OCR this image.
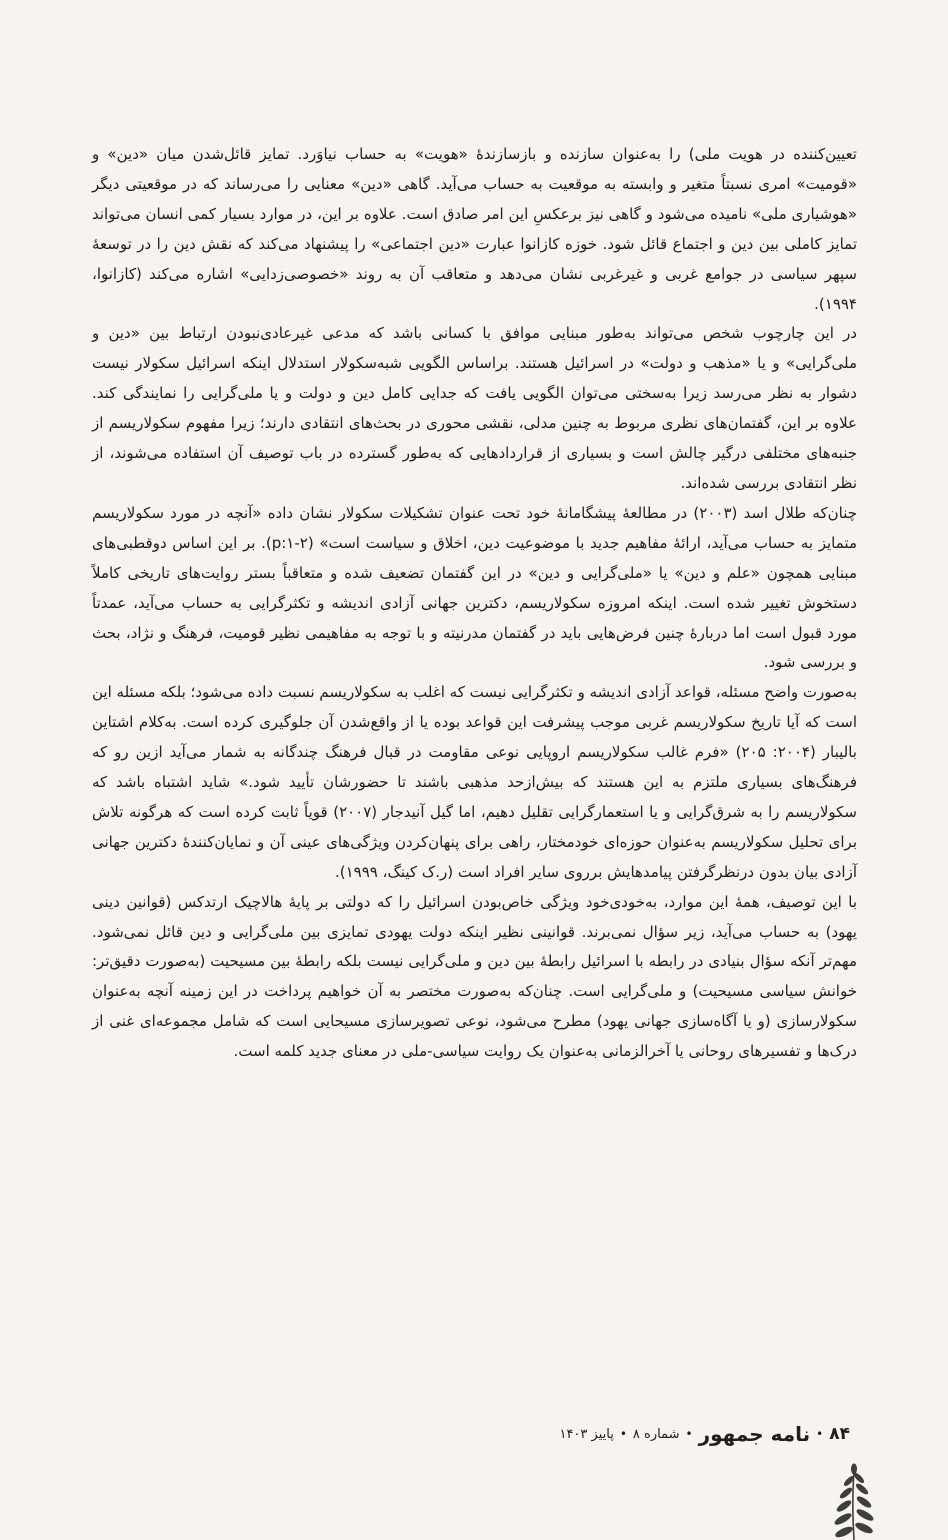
تعیین‌کننده در هویت ملی) را به‌عنوان سازنده و بازسازندهٔ «هویت» به حساب نیاوَرد. تمایز قائل‌شدن میان «دین» و «قومیت» امری نسبتاً متغیر و وابسته به موقعیت به حساب می‌آید. گاهی «دین» معنایی را می‌رساند که در موقعیتی دیگر «هوشیاری ملی» نامیده می‌شود و گاهی نیز برعکسِ این امر صادق است. علاوه بر این، در موارد بسیار کمی انسان می‌تواند تمایز کاملی بین دین و اجتماع قائل شود. خوزه کازانوا عبارت «دین اجتماعی» را پیشنهاد می‌کند که نقش دین را در توسعهٔ سپهر سیاسی در جوامع غربی و غیرغربی نشان می‌دهد و متعاقب آن به روند «خصوصی‌زدایی» اشاره می‌کند (کازانوا، ۱۹۹۴).

در این چارچوب شخص می‌تواند به‌طور مبنایی موافق با کسانی باشد که مدعی غیرعادی‌نبودن ارتباط بین «دین و ملی‌گرایی» و یا «مذهب و دولت» در اسرائیل هستند. براساس الگویی شبه‌سکولار استدلال اینکه اسرائیل سکولار نیست دشوار به نظر می‌رسد زیرا به‌سختی می‌توان الگویی یافت که جدایی کامل دین و دولت و یا ملی‌گرایی را نمایندگی کند. علاوه بر این، گفتمان‌های نظری مربوط به چنین مدلی، نقشی محوری در بحث‌های انتقادی دارند؛ زیرا مفهوم سکولاریسم از جنبه‌های مختلفی درگیر چالش است و بسیاری از قراردادهایی که به‌طور گسترده در باب توصیف آن استفاده می‌شوند، از نظر انتقادی بررسی شده‌اند.

چنان‌که طلال اسد (۲۰۰۳) در مطالعهٔ پیشگامانهٔ خود تحت عنوان تشکیلات سکولار نشان داده «آنچه در مورد سکولاریسم متمایز به حساب می‌آید، ارائهٔ مفاهیم جدید با موضوعیت دین، اخلاق و سیاست است» (p:۱-۲). بر این اساس دوقطبی‌های مبنایی همچون «علم و دین» یا «ملی‌گرایی و دین» در این گفتمان تضعیف شده و متعاقباً بستر روایت‌های تاریخی کاملاً دستخوش تغییر شده است. اینکه امروزه سکولاریسم، دکترین جهانی آزادی اندیشه و تکثرگرایی به حساب می‌آید، عمدتاً مورد قبول است اما دربارهٔ چنین فرض‌هایی باید در گفتمان مدرنیته و با توجه به مفاهیمی نظیر قومیت، فرهنگ و نژاد، بحث و بررسی شود.

به‌صورت واضح مسئله، قواعد آزادی اندیشه و تکثرگرایی نیست که اغلب به سکولاریسم نسبت داده می‌شود؛ بلکه مسئله این است که آیا تاریخ سکولاریسم غربی موجب پیشرفت این قواعد بوده یا از واقع‌شدن آن جلوگیری کرده است. به‌کلام اشتاین بالیبار (۲۰۰۴: ۲۰۵) «فرم غالب سکولاریسم اروپایی نوعی مقاومت در قبال فرهنگ چندگانه به شمار می‌آید ازین رو که فرهنگ‌های بسیاری ملتزم به این هستند که بیش‌ازحد مذهبی باشند تا حضورشان تأیید شود.» شاید اشتباه باشد که سکولاریسم را به شرق‌گرایی و یا استعمارگرایی تقلیل دهیم، اما گیل آنیدجار (۲۰۰۷) قویاً ثابت کرده است که هرگونه تلاش برای تحلیل سکولاریسم به‌عنوان حوزه‌ای خودمختار، راهی برای پنهان‌کردن ویژگی‌های عینی آن و نمایان‌کنندهٔ دکترین جهانی آزادی بیان بدون درنظرگرفتن پیامدهایش برروی سایر افراد است (ر.ک کینگ، ۱۹۹۹).

با این توصیف، همهٔ این موارد، به‌خودی‌خود ویژگی خاص‌بودن اسرائیل را که دولتی بر پایهٔ هالاچیک ارتدکس (قوانین دینی یهود) به حساب می‌آید، زیر سؤال نمی‌برند. قوانینی نظیر اینکه دولت یهودی تمایزی بین ملی‌گرایی و دین قائل نمی‌شود. مهم‌تر آنکه سؤال بنیادی در رابطه با اسرائیل رابطهٔ بین دین و ملی‌گرایی نیست بلکه رابطهٔ بین مسیحیت (به‌صورت دقیق‌تر: خوانش سیاسی مسیحیت) و ملی‌گرایی است. چنان‌که به‌صورت مختصر به آن خواهیم پرداخت در این زمینه آنچه به‌عنوان سکولارسازی (و یا آگاه‌سازی جهانی یهود) مطرح می‌شود، نوعی تصویرسازی مسیحایی است که شامل مجموعه‌ای غنی از درک‌ها و تفسیرهای روحانی یا آخرالزمانی به‌عنوان یک روایت سیاسی-ملی در معنای جدید کلمه است.

۸۴
•
نامه جمهور
•
شماره ۸
•
پاییز ۱۴۰۳
